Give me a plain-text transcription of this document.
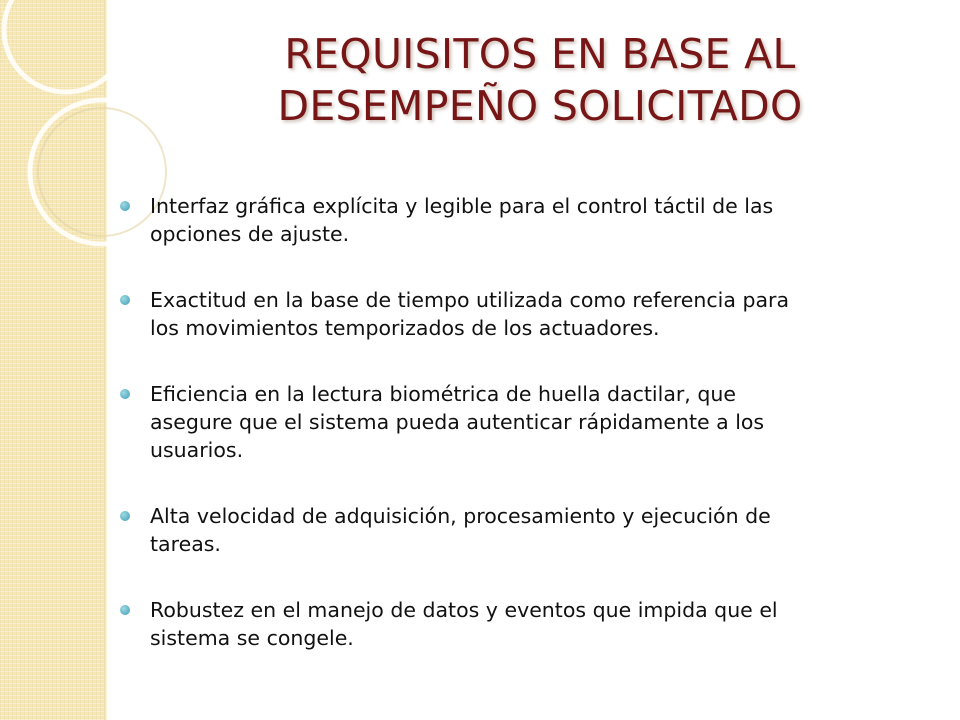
REQUISITOS EN BASE AL
DESEMPEÑO SOLICITADO
Interfaz gráfica explícita y legible para el control táctil de las
opciones de ajuste.
Exactitud en la base de tiempo utilizada como referencia para
los movimientos temporizados de los actuadores.
Eficiencia en la lectura biométrica de huella dactilar, que
asegure que el sistema pueda autenticar rápidamente a los
usuarios.
Alta velocidad de adquisición, procesamiento y ejecución de
tareas.
Robustez en el manejo de datos y eventos que impida que el
sistema se congele.
